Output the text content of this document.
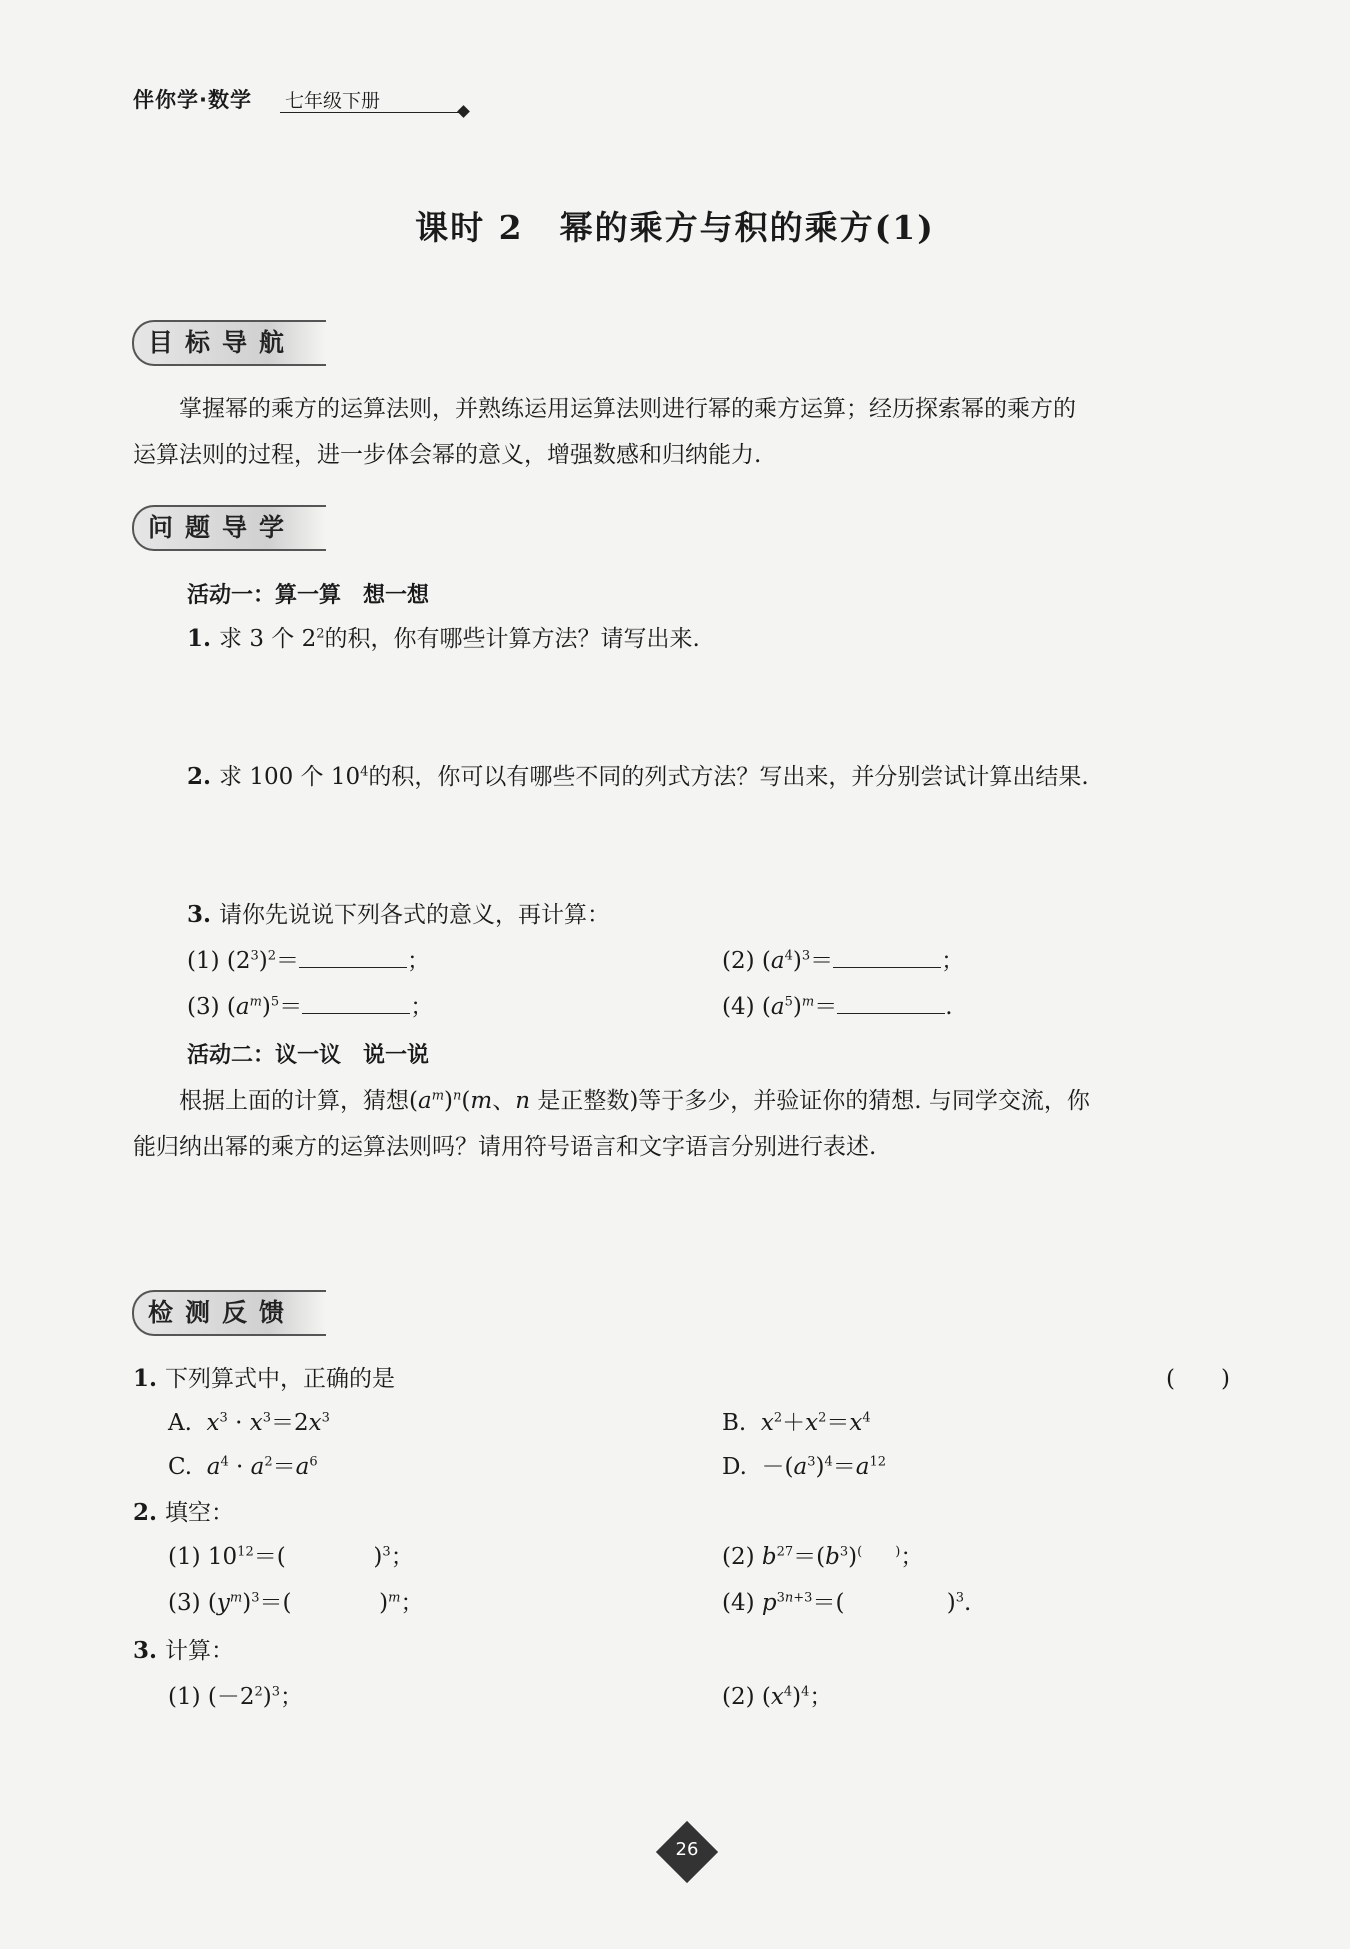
伴你学·数学 七年级下册
课时 2 幂的乘方与积的乘方(1)
目标导航
掌握幂的乘方的运算法则，并熟练运用运算法则进行幂的乘方运算；经历探索幂的乘方的
运算法则的过程，进一步体会幂的意义，增强数感和归纳能力.
问题导学
活动一：算一算　想一想
1. 求 3 个 $2^2$的积，你有哪些计算方法？请写出来.
2. 求 100 个 $10^4$的积，你可以有哪些不同的列式方法？写出来，并分别尝试计算出结果.
3. 请你先说说下列各式的意义，再计算：
(1) $(2^3)^2=$	；	(2) $(a^4)^3=$	；
(3) $(a^m)^5=$	；	(4) $(a^5)^m=$	.
活动二：议一议　说一说
根据上面的计算，猜想$(a^m)^n(m$、n 是正整数)等于多少，并验证你的猜想. 与同学交流，你
能归纳出幂的乘方的运算法则吗？请用符号语言和文字语言分别进行表述.
检测反馈
1. 下列算式中，正确的是	(　　)
A.  $x^3 \cdot x^3=2x^3$	B.  $x^2+x^2=x^4$
C.  $a^4 \cdot a^2=a^6$	D.  $-(a^3)^4=a^{12}$
2. 填空：
(1) $10^{12}=$(            )$^3$；	(2) $b^{27}=(b^3)^{( )}$；
(3) $(y^m)^3=$(            )$^m$；	(4) $p^{3n+3}=$(              )$^3$.
3. 计算：
(1) $(-2^2)^3$；	(2) $(x^4)^4$；
26
